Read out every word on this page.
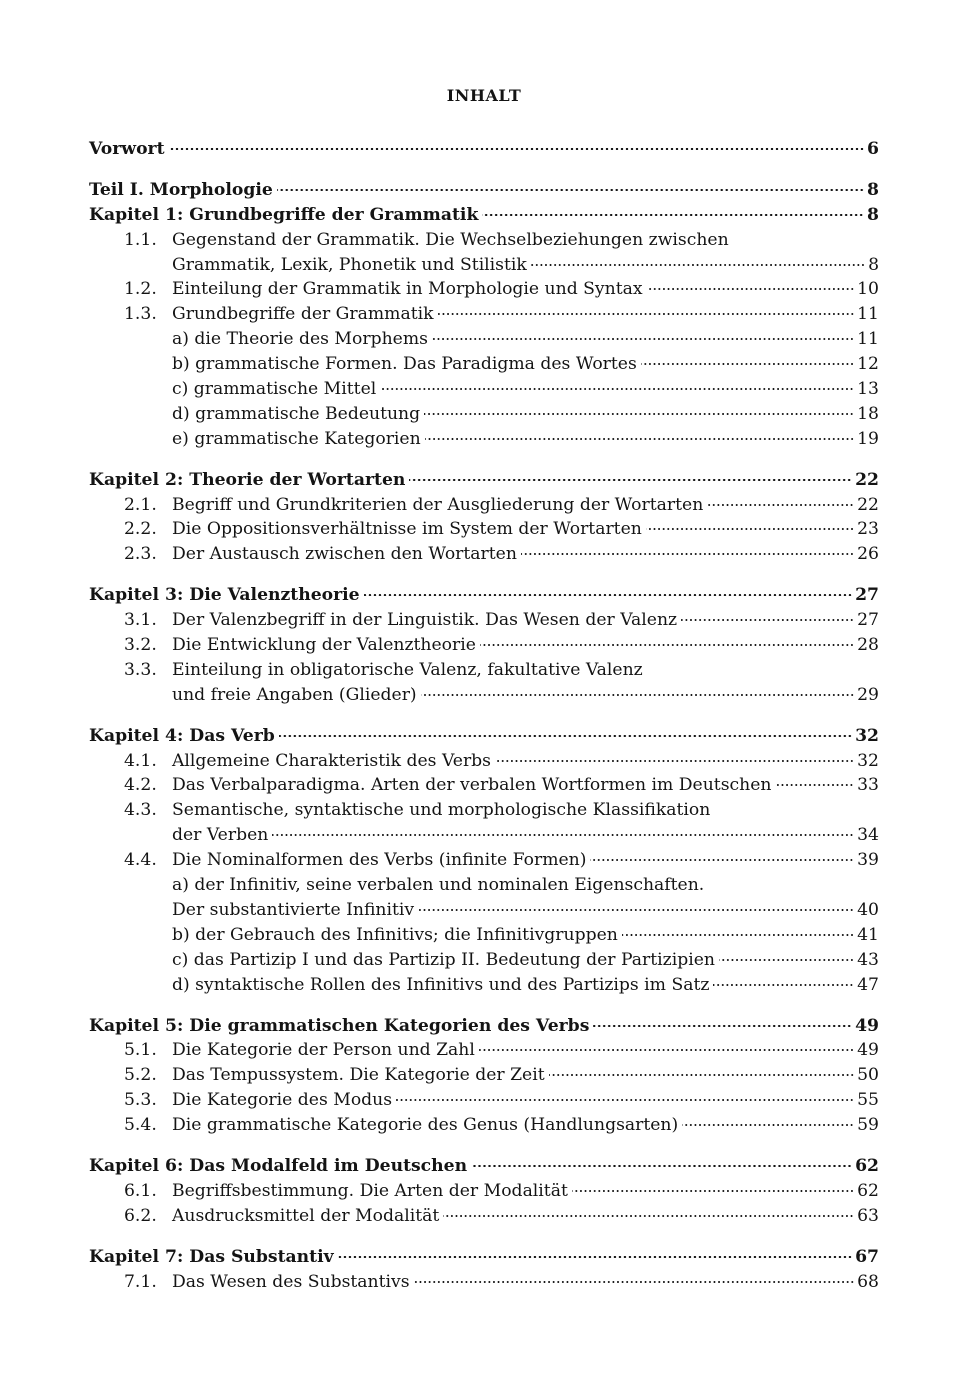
INHALT
Vorwort	6
Teil I. Morphologie	8
Kapitel 1: Grundbegriffe der Grammatik	8
1.1. Gegenstand der Grammatik. Die Wechselbeziehungen zwischen
Grammatik, Lexik, Phonetik und Stilistik	8
1.2. Einteilung der Grammatik in Morphologie und Syntax	10
1.3. Grundbegriffe der Grammatik	11
a) die Theorie des Morphems	11
b) grammatische Formen. Das Paradigma des Wortes	12
c) grammatische Mittel	13
d) grammatische Bedeutung	18
e) grammatische Kategorien	19
Kapitel 2: Theorie der Wortarten	22
2.1. Begriff und Grundkriterien der Ausgliederung der Wortarten	22
2.2. Die Oppositionsverhältnisse im System der Wortarten	23
2.3. Der Austausch zwischen den Wortarten	26
Kapitel 3: Die Valenztheorie	27
3.1. Der Valenzbegriff in der Linguistik. Das Wesen der Valenz	27
3.2. Die Entwicklung der Valenztheorie	28
3.3. Einteilung in obligatorische Valenz, fakultative Valenz
und freie Angaben (Glieder)	29
Kapitel 4: Das Verb	32
4.1. Allgemeine Charakteristik des Verbs	32
4.2. Das Verbalparadigma. Arten der verbalen Wortformen im Deutschen	33
4.3. Semantische, syntaktische und morphologische Klassifikation
der Verben	34
4.4. Die Nominalformen des Verbs (infinite Formen)	39
a) der Infinitiv, seine verbalen und nominalen Eigenschaften.
Der substantivierte Infinitiv	40
b) der Gebrauch des Infinitivs; die Infinitivgruppen	41
c) das Partizip I und das Partizip II. Bedeutung der Partizipien	43
d) syntaktische Rollen des Infinitivs und des Partizips im Satz	47
Kapitel 5: Die grammatischen Kategorien des Verbs	49
5.1. Die Kategorie der Person und Zahl	49
5.2. Das Tempussystem. Die Kategorie der Zeit	50
5.3. Die Kategorie des Modus	55
5.4. Die grammatische Kategorie des Genus (Handlungsarten)	59
Kapitel 6: Das Modalfeld im Deutschen	62
6.1. Begriffsbestimmung. Die Arten der Modalität	62
6.2. Ausdrucksmittel der Modalität	63
Kapitel 7: Das Substantiv	67
7.1. Das Wesen des Substantivs	68
